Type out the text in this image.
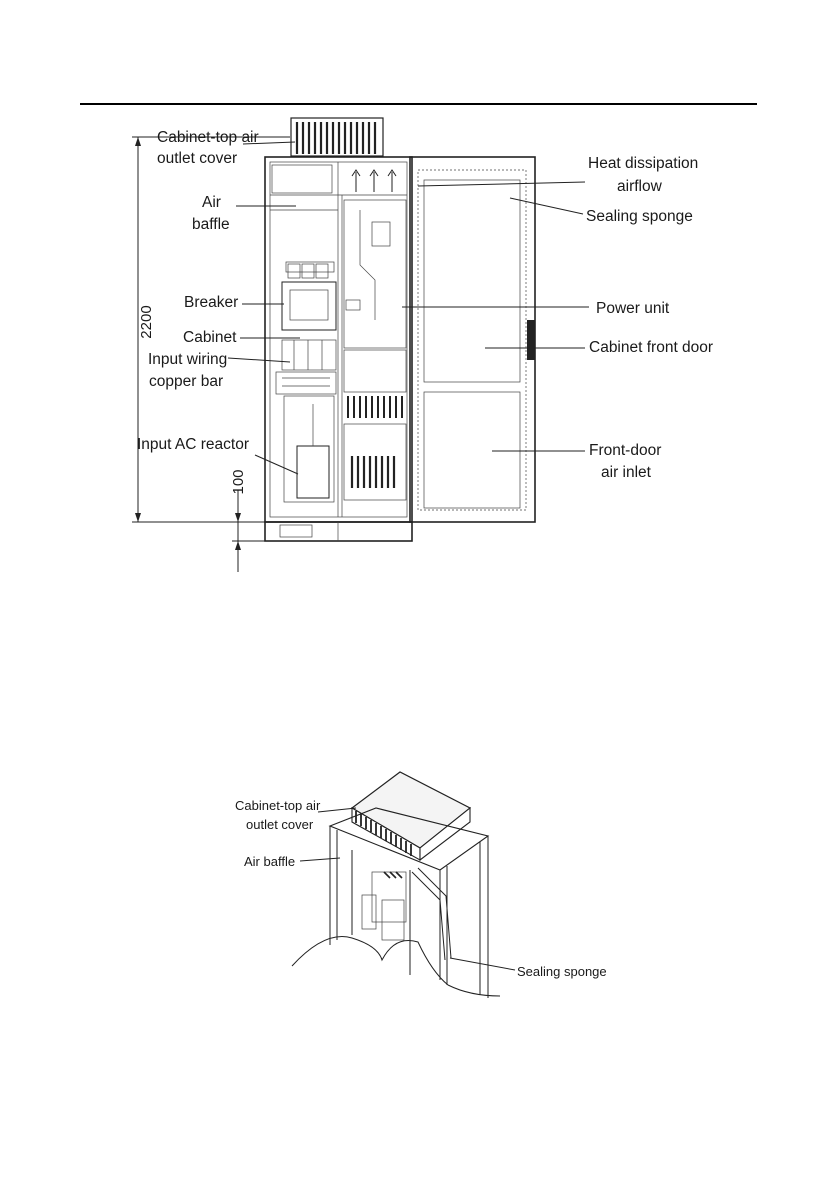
2200
100
Cabinet-top air
outlet cover
Air
baffle
Breaker
Cabinet
Input wiring
copper bar
Input AC reactor
Heat dissipation
airflow
Sealing sponge
Power unit
Cabinet front door
Front-door
air inlet
Cabinet-top air
outlet cover
Air baffle
Sealing sponge
